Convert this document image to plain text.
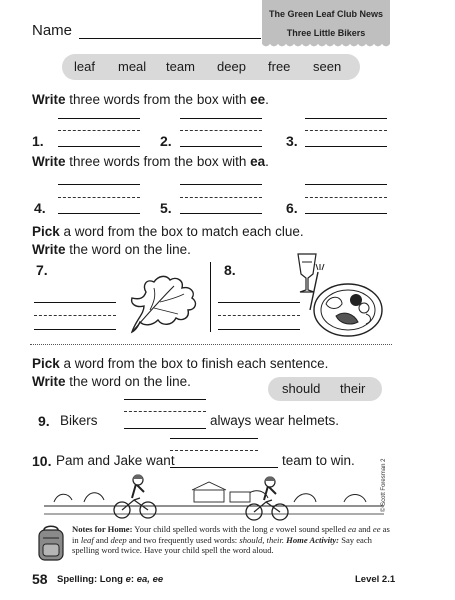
Name
The Green Leaf Club News
Three Little Bikers
leaf meal team deep free seen
Write three words from the box with ee.
1.	2.	3.
Write three words from the box with ea.
4.	5.	6.
Pick a word from the box to match each clue.
Write the word on the line.
7.	8.
Pick a word from the box to finish each sentence.
Write the word on the line.	should their
9. Bikers	always wear helmets.
10. Pam and Jake want	team to win.
Notes for Home: Your child spelled words with the long e vowel sound spelled ea and ee as in leaf and deep and two frequently used words: should, their. Home Activity: Say each spelling word twice. Have your child spell the word aloud.
58 Spelling: Long e: ea, ee	Level 2.1
© Scott Foresman 2
